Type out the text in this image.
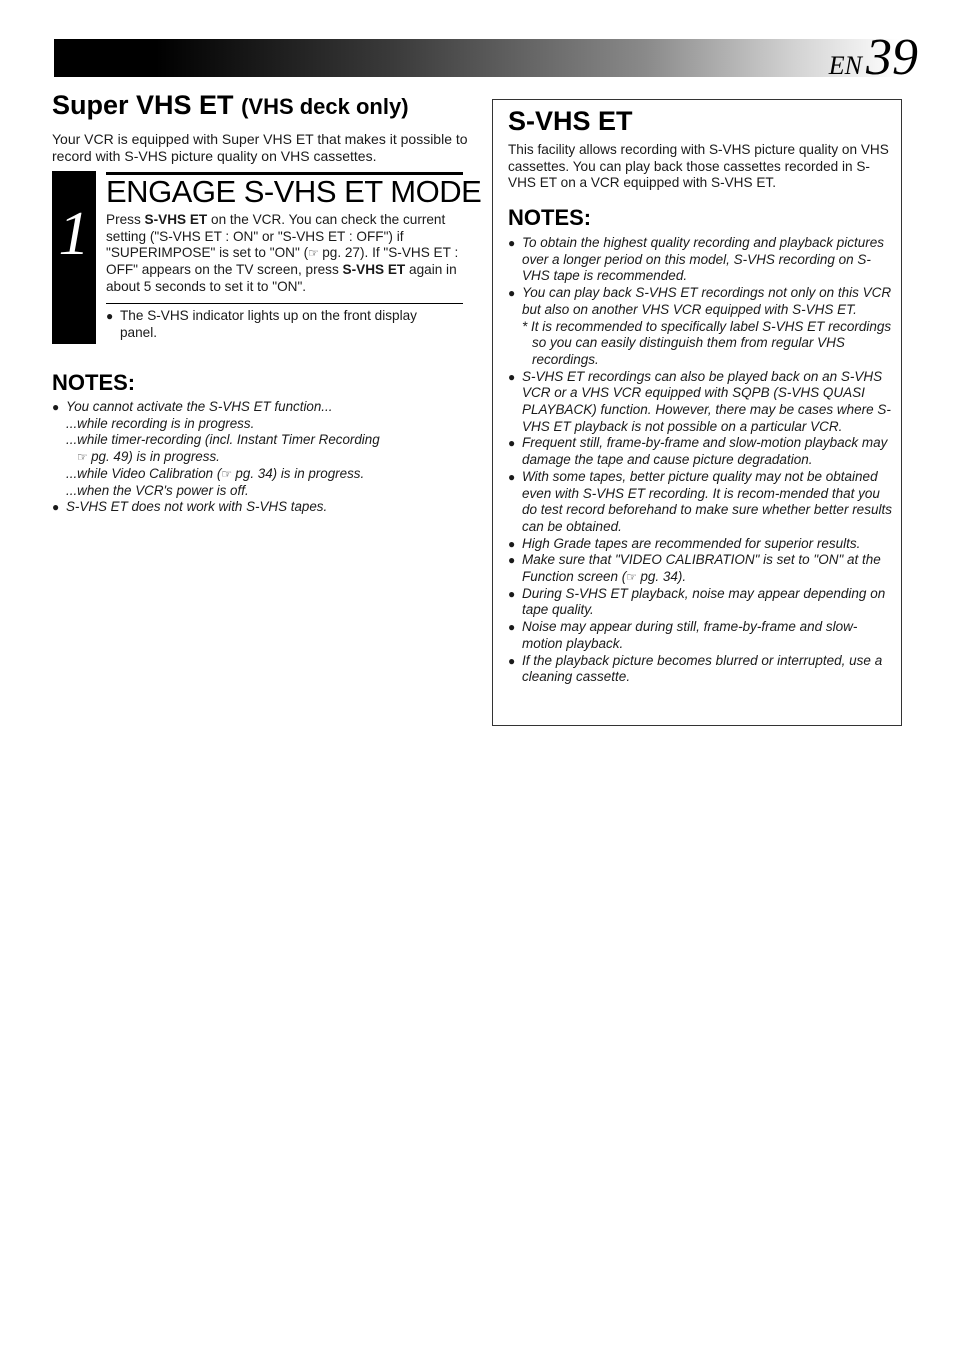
EN39
Super VHS ET (VHS deck only)
Your VCR is equipped with Super VHS ET that makes it possible to record with S-VHS picture quality on VHS cassettes.
1
ENGAGE S-VHS ET MODE
Press S-VHS ET on the VCR. You can check the current setting ("S-VHS ET : ON" or "S-VHS ET : OFF") if "SUPERIMPOSE" is set to "ON" (☞ pg. 27). If "S-VHS ET : OFF" appears on the TV screen, press S-VHS ET again in about 5 seconds to set it to "ON".
● The S-VHS indicator lights up on the front display panel.
NOTES:
● You cannot activate the S-VHS ET function...
...while recording is in progress.
...while timer-recording (incl. Instant Timer Recording
☞ pg. 49) is in progress.
...while Video Calibration (☞ pg. 34) is in progress.
...when the VCR's power is off.
● S-VHS ET does not work with S-VHS tapes.
S-VHS ET
This facility allows recording with S-VHS picture quality on VHS cassettes. You can play back those cassettes recorded in S-VHS ET on a VCR equipped with S-VHS ET.
NOTES:
● To obtain the highest quality recording and playback pictures over a longer period on this model, S-VHS recording on S-VHS tape is recommended.
● You can play back S-VHS ET recordings not only on this VCR but also on another VHS VCR equipped with S-VHS ET.
* It is recommended to specifically label S-VHS ET recordings so you can easily distinguish them from regular VHS recordings.
● S-VHS ET recordings can also be played back on an S-VHS VCR or a VHS VCR equipped with SQPB (S-VHS QUASI PLAYBACK) function. However, there may be cases where S-VHS ET playback is not possible on a particular VCR.
● Frequent still, frame-by-frame and slow-motion playback may damage the tape and cause picture degradation.
● With some tapes, better picture quality may not be obtained even with S-VHS ET recording. It is recom-mended that you do test record beforehand to make sure whether better results can be obtained.
● High Grade tapes are recommended for superior results.
● Make sure that "VIDEO CALIBRATION" is set to "ON" at the Function screen (☞ pg. 34).
● During S-VHS ET playback, noise may appear depending on tape quality.
● Noise may appear during still, frame-by-frame and slow-motion playback.
● If the playback picture becomes blurred or interrupted, use a cleaning cassette.
